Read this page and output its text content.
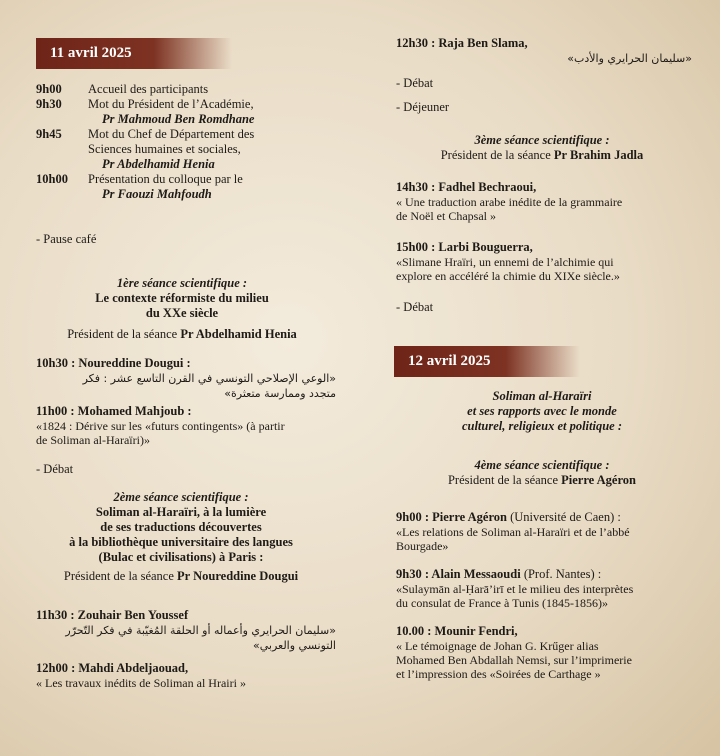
11 avril 2025
9h00	Accueil des participants
9h30	Mot du Président de l’Académie,
Pr Mahmoud Ben Romdhane
9h45	Mot du Chef de Département des
Sciences humaines et sociales,
Pr Abdelhamid Henia
10h00	Présentation du colloque par le
Pr Faouzi Mahfoudh
- Pause café
1ère séance scientifique :
Le contexte réformiste du milieu
du XXe siècle
Président de la séance Pr Abdelhamid Henia
10h30 : Noureddine Dougui :
«الوعي الإصلاحي التونسي في القرن التاسع عشر : فكر
متجدد وممارسة متعثرة»
11h00 : Mohamed Mahjoub :
«1824 : Dérive sur les «futurs contingents» (à partir
de Soliman al-Haraïri)»
- Débat
2ème séance scientifique :
Soliman al-Haraïri, à la lumière
de ses traductions découvertes
à la bibliothèque universitaire des langues
(Bulac et civilisations) à Paris :
Président de la séance Pr Noureddine Dougui
11h30 : Zouhair Ben Youssef
«سليمان الحرايري وأعماله أو الحلقة المُغيّبة في فكر التّحرّر
التونسي والعربي»
12h00 : Mahdi Abdeljaouad,
« Les travaux inédits de Soliman al Hrairi »
12h30 : Raja Ben Slama,
«سليمان الحرايري والأدب»
- Débat
- Déjeuner
3ème séance scientifique :
Président de la séance Pr Brahim Jadla
14h30 : Fadhel Bechraoui,
« Une traduction arabe inédite de la grammaire
de Noël et Chapsal »
15h00 : Larbi Bouguerra,
«Slimane Hraïri, un ennemi de l’alchimie qui
explore en accéléré la chimie du XIXe siècle.»
- Débat
12 avril 2025
Soliman al-Haraïri
et ses rapports avec le monde
culturel, religieux et politique :
4ème séance scientifique :
Président de la séance Pierre Agéron
9h00 : Pierre Agéron (Université de Caen) :
«Les relations de Soliman al-Haraïri et de l’abbé
Bourgade»
9h30 : Alain Messaoudi (Prof. Nantes) :
«Sulaymān al-Ḥarā’irī et le milieu des interprètes
du consulat de France à Tunis (1845-1856)»
10.00 : Mounir Fendri,
« Le témoignage de Johan G. Krűger alias
Mohamed Ben Abdallah Nemsi, sur l’imprimerie
et l’impression des «Soirées de Carthage »
